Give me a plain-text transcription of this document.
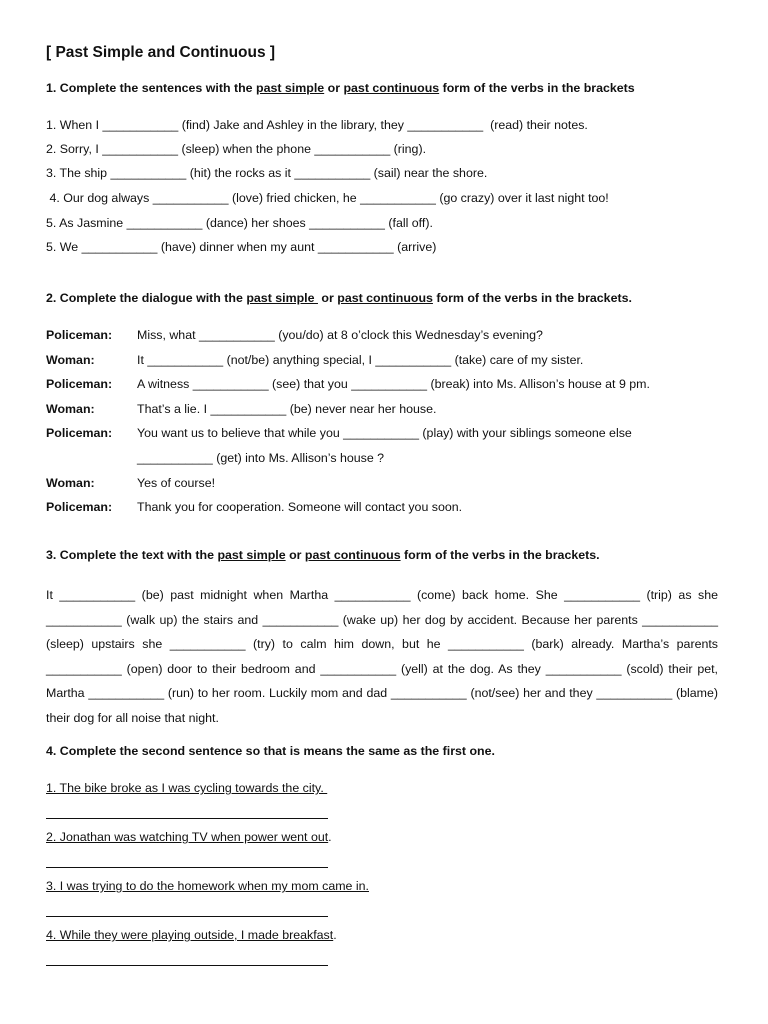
[ Past Simple and Continuous ]
1. Complete the sentences with the past simple or past continuous form of the verbs in the brackets
1. When I ___________ (find) Jake and Ashley in the library, they ___________  (read) their notes.
2. Sorry, I ___________ (sleep) when the phone ___________ (ring).
3. The ship ___________ (hit) the rocks as it ___________ (sail) near the shore.
4. Our dog always ___________ (love) fried chicken, he ___________ (go crazy) over it last night too!
5. As Jasmine ___________ (dance) her shoes ___________ (fall off).
5. We ___________ (have) dinner when my aunt ___________ (arrive)
2. Complete the dialogue with the past simple  or past continuous form of the verbs in the brackets.
Policeman:	Miss, what ___________ (you/do) at 8 o’clock this Wednesday’s evening?
Woman:	It ___________ (not/be) anything special, I ___________ (take) care of my sister.
Policeman:	A witness ___________ (see) that you ___________ (break) into Ms. Allison’s house at 9 pm.
Woman:	That’s a lie. I ___________ (be) never near her house.
Policeman:	You want us to believe that while you ___________ (play) with your siblings someone else
___________ (get) into Ms. Allison’s house ?
Woman:	Yes of course!
Policeman:	Thank you for cooperation. Someone will contact you soon.
3. Complete the text with the past simple or past continuous form of the verbs in the brackets.
It ___________ (be) past midnight when Martha ___________ (come) back home. She ___________ (trip) as she ___________ (walk up) the stairs and ___________ (wake up) her dog by accident. Because her parents ___________ (sleep) upstairs she ___________ (try) to calm him down, but he ___________ (bark) already. Martha’s parents ___________ (open) door to their bedroom and ___________ (yell) at the dog. As they ___________ (scold) their pet, Martha ___________ (run) to her room. Luckily mom and dad ___________ (not/see) her and they ___________ (blame) their dog for all noise that night.
4. Complete the second sentence so that is means the same as the first one.
1. The bike broke as I was cycling towards the city.
2. Jonathan was watching TV when power went out.
3. I was trying to do the homework when my mom came in.
4. While they were playing outside, I made breakfast.
